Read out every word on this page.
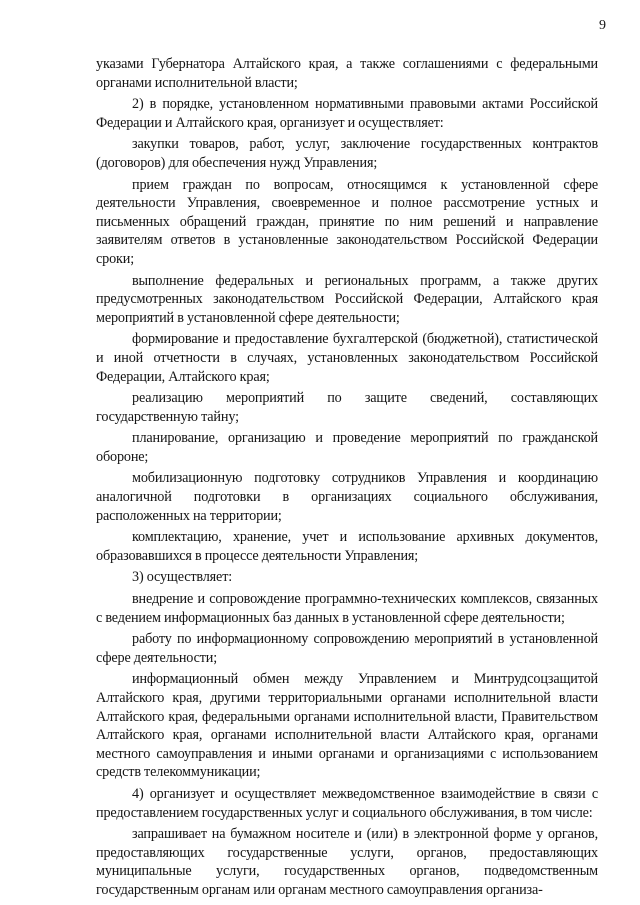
9

указами Губернатора Алтайского края, а также соглашениями с федеральными органами исполнительной власти;

2) в порядке, установленном нормативными правовыми актами Российской Федерации и Алтайского края, организует и осуществляет:

закупки товаров, работ, услуг, заключение государственных контрактов (договоров) для обеспечения нужд Управления;

прием граждан по вопросам, относящимся к установленной сфере деятельности Управления, своевременное и полное рассмотрение устных и письменных обращений граждан, принятие по ним решений и направление заявителям ответов в установленные законодательством Российской Федерации сроки;

выполнение федеральных и региональных программ, а также других предусмотренных законодательством Российской Федерации, Алтайского края мероприятий в установленной сфере деятельности;

формирование и предоставление бухгалтерской (бюджетной), статистической и иной отчетности в случаях, установленных законодательством Российской Федерации, Алтайского края;

реализацию мероприятий по защите сведений, составляющих государственную тайну;

планирование, организацию и проведение мероприятий по гражданской обороне;

мобилизационную подготовку сотрудников Управления и координацию аналогичной подготовки в организациях социального обслуживания, расположенных на территории;

комплектацию, хранение, учет и использование архивных документов, образовавшихся в процессе деятельности Управления;

3) осуществляет:

внедрение и сопровождение программно-технических комплексов, связанных с ведением информационных баз данных в установленной сфере деятельности;

работу по информационному сопровождению мероприятий в установленной сфере деятельности;

информационный обмен между Управлением и Минтрудсоцзащитой Алтайского края, другими территориальными органами исполнительной власти Алтайского края, федеральными органами исполнительной власти, Правительством Алтайского края, органами исполнительной власти Алтайского края, органами местного самоуправления и иными органами и организациями с использованием средств телекоммуникации;

4) организует и осуществляет межведомственное взаимодействие в связи с предоставлением государственных услуг и социального обслуживания, в том числе:

запрашивает на бумажном носителе и (или) в электронной форме у органов, предоставляющих государственные услуги, органов, предоставляющих муниципальные услуги, государственных органов, подведомственным государственным органам или органам местного самоуправления организа-
